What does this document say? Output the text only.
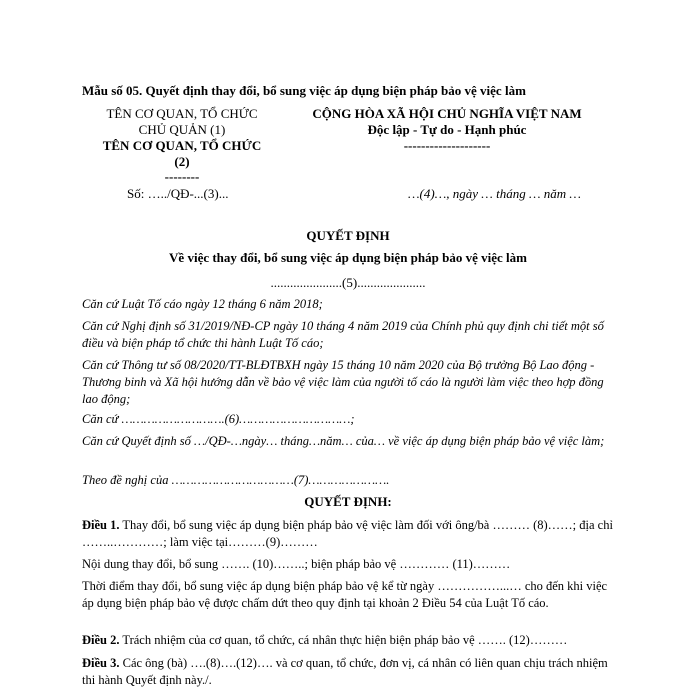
Mẫu số 05. Quyết định thay đổi, bổ sung việc áp dụng biện pháp bảo vệ việc làm
TÊN CƠ QUAN, TỔ CHỨC
CHỦ QUẢN (1)
TÊN CƠ QUAN, TỔ CHỨC
(2)
--------
Số: …../QĐ-...(3)...
CỘNG HÒA XÃ HỘI CHỦ NGHĨA VIỆT NAM
Độc lập - Tự do - Hạnh phúc
--------------------
…(4)…, ngày … tháng … năm …
QUYẾT ĐỊNH
Về việc thay đổi, bổ sung việc áp dụng biện pháp bảo vệ việc làm
......................(5).....................
Căn cứ Luật Tố cáo ngày 12 tháng 6 năm 2018;
Căn cứ Nghị định số 31/2019/NĐ-CP ngày 10 tháng 4 năm 2019 của Chính phủ quy định chi tiết một số điều và biện pháp tổ chức thi hành Luật Tố cáo;
Căn cứ Thông tư số 08/2020/TT-BLĐTBXH ngày 15 tháng 10 năm 2020 của Bộ trưởng Bộ Lao động - Thương binh và Xã hội hướng dẫn về bảo vệ việc làm của người tố cáo là người làm việc theo hợp đồng lao động;
Căn cứ ……………………….(6)…………………………;
Căn cứ Quyết định số …/QĐ-…ngày… tháng…năm… của… về việc áp dụng biện pháp bảo vệ việc làm;
Theo đề nghị của ……………………………(7)………………….
QUYẾT ĐỊNH:
Điều 1. Thay đổi, bổ sung việc áp dụng biện pháp bảo vệ việc làm đối với ông/bà ……… (8)……; địa chỉ ……..…………; làm việc tại………(9)………
Nội dung thay đổi, bổ sung ……. (10)……..; biện pháp bảo vệ ………… (11)………
Thời điểm thay đổi, bổ sung việc áp dụng biện pháp bảo vệ kể từ ngày ……………...… cho đến khi việc áp dụng biện pháp bảo vệ được chấm dứt theo quy định tại khoản 2 Điều 54 của Luật Tố cáo.
Điều 2. Trách nhiệm của cơ quan, tổ chức, cá nhân thực hiện biện pháp bảo vệ ……. (12)………
Điều 3. Các ông (bà) ….(8)….(12)…. và cơ quan, tổ chức, đơn vị, cá nhân có liên quan chịu trách nhiệm thi hành Quyết định này./.
